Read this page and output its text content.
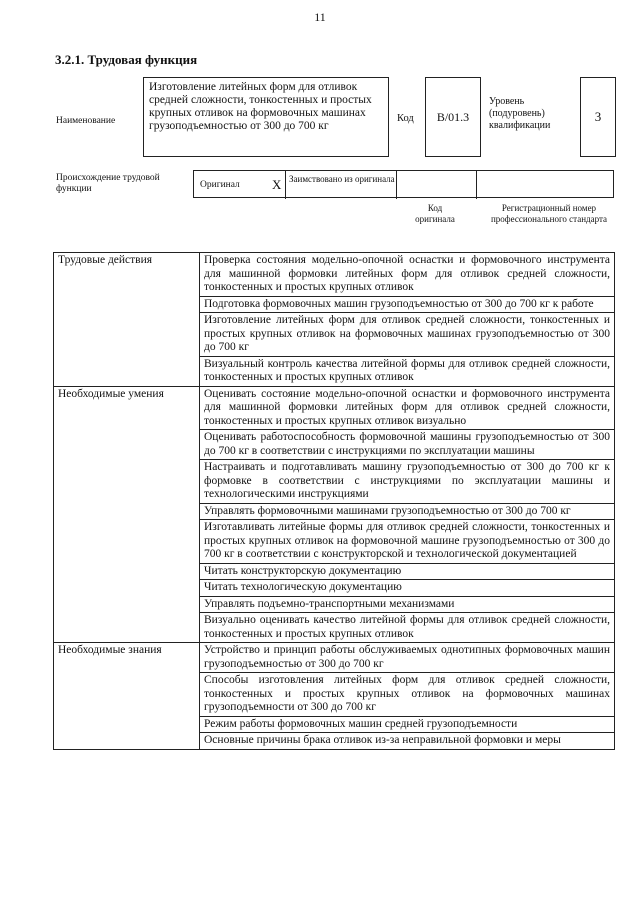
11
3.2.1. Трудовая функция
Наименование
Изготовление литейных форм для отливок средней сложности, тонкостенных и простых крупных отливок на формовочных машинах грузоподъемностью от 300 до 700 кг
Код B/01.3
Уровень (подуровень) квалификации
3
Происхождение трудовой функции	Оригинал X Заимствовано из оригинала
Код оригинала
Регистрационный номер профессионального стандарта
Трудовые действия	Проверка состояния модельно-опочной оснастки и формовочного инструмента для машинной формовки литейных форм для отливок средней сложности, тонкостенных и простых крупных отливок
	Подготовка формовочных машин грузоподъемностью от 300 до 700 кг к работе
	Изготовление литейных форм для отливок средней сложности, тонкостенных и простых крупных отливок на формовочных машинах грузоподъемностью от 300 до 700 кг
	Визуальный контроль качества литейной формы для отливок средней сложности, тонкостенных и простых крупных отливок
Необходимые умения	Оценивать состояние модельно-опочной оснастки и формовочного инструмента для машинной формовки литейных форм для отливок средней сложности, тонкостенных и простых крупных отливок визуально
	Оценивать работоспособность формовочной машины грузоподъемностью от 300 до 700 кг в соответствии с инструкциями по эксплуатации машины
	Настраивать и подготавливать машину грузоподъемностью от 300 до 700 кг к формовке в соответствии с инструкциями по эксплуатации машины и технологическими инструкциями
	Управлять формовочными машинами грузоподъемностью от 300 до 700 кг
	Изготавливать литейные формы для отливок средней сложности, тонкостенных и простых крупных отливок на формовочной машине грузоподъемностью от 300 до 700 кг в соответствии с конструкторской и технологической документацией
	Читать конструкторскую документацию
	Читать технологическую документацию
	Управлять подъемно-транспортными механизмами
	Визуально оценивать качество литейной формы для отливок средней сложности, тонкостенных и простых крупных отливок
Необходимые знания	Устройство и принцип работы обслуживаемых однотипных формовочных машин грузоподъемностью от 300 до 700 кг
	Способы изготовления литейных форм для отливок средней сложности, тонкостенных и простых крупных отливок на формовочных машинах грузоподъемности от 300 до 700 кг
	Режим работы формовочных машин средней грузоподъемности
	Основные причины брака отливок из-за неправильной формовки и меры
